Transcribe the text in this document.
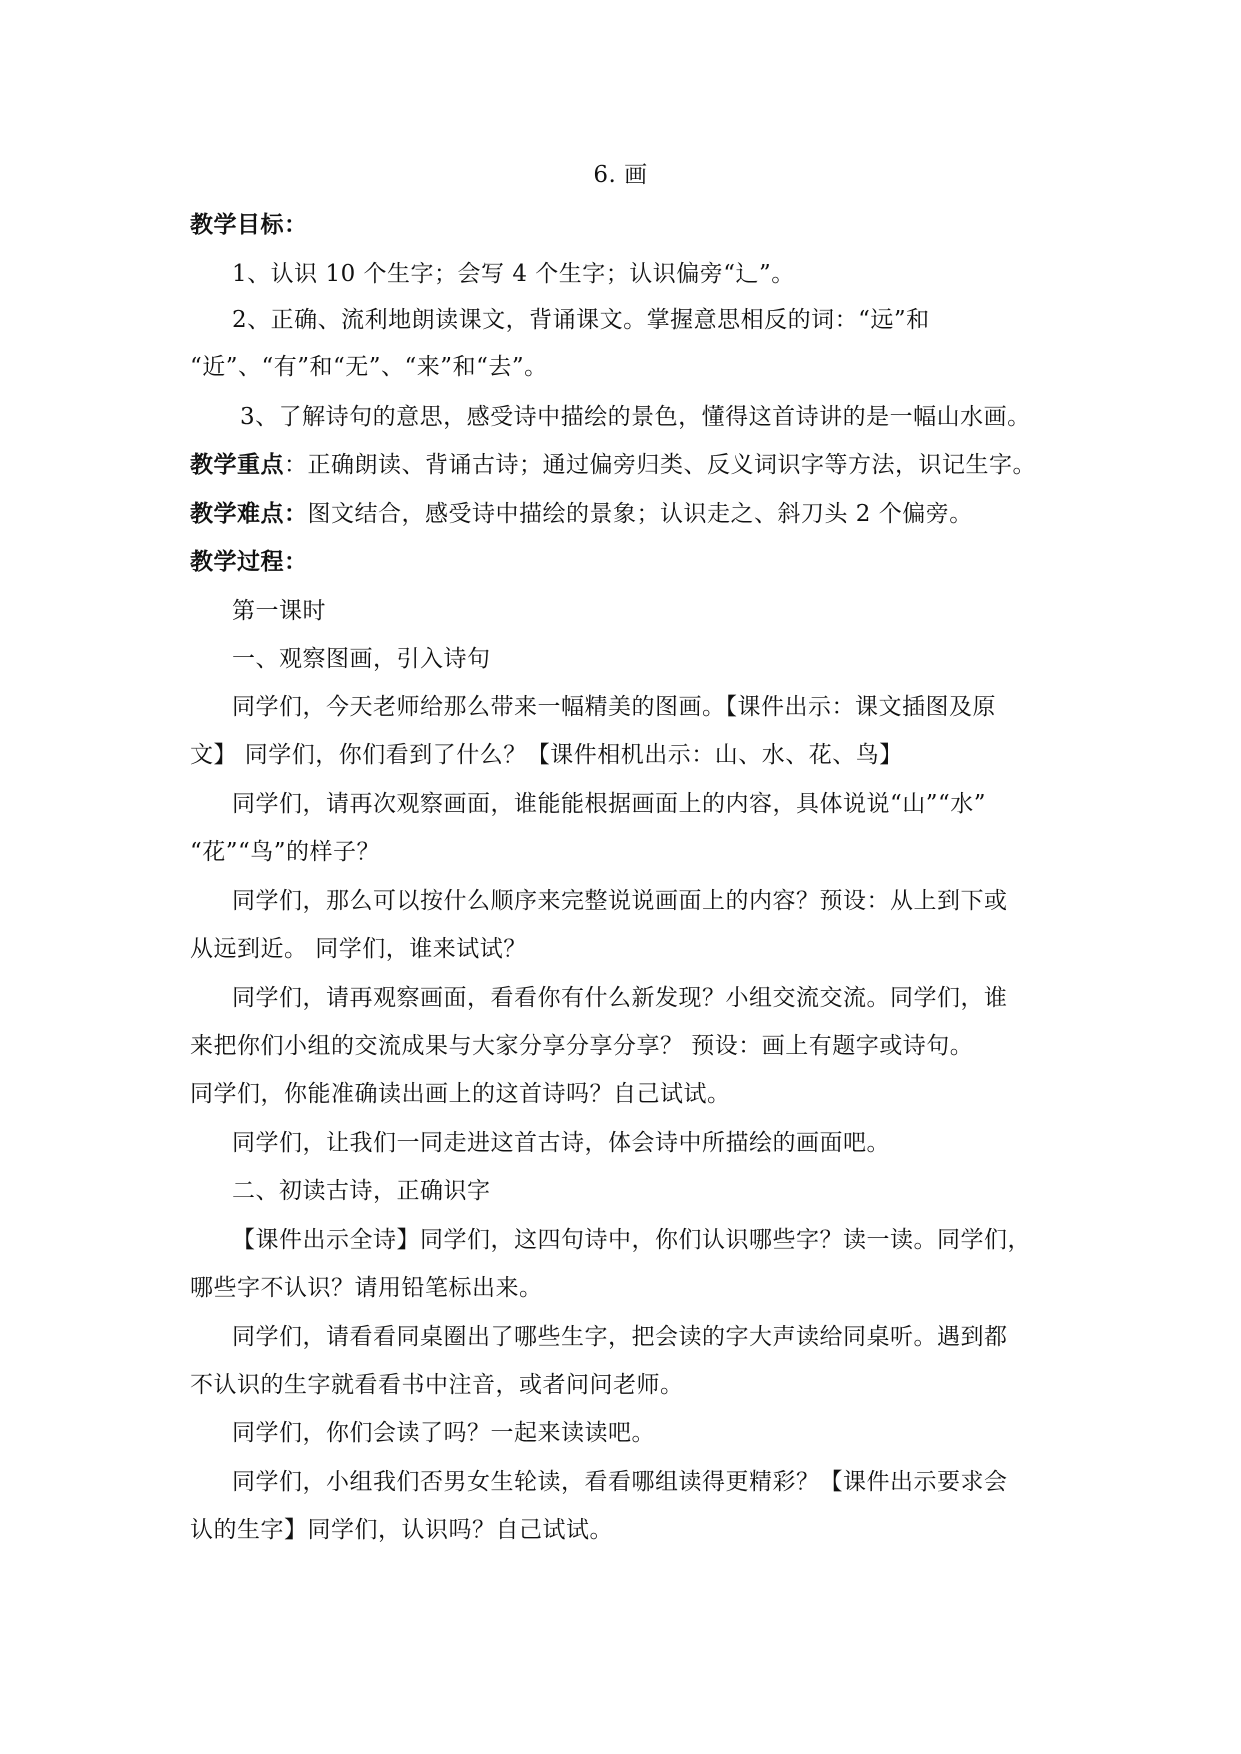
6. 画
教学目标：
1、认识 10 个生字；会写 4 个生字；认识偏旁“辶”。
2、正确、流利地朗读课文，背诵课文。掌握意思相反的词：“远”和
“近”、“有”和“无”、“来”和“去”。
3、了解诗句的意思，感受诗中描绘的景色，懂得这首诗讲的是一幅山水画。
教学重点：正确朗读、背诵古诗；通过偏旁归类、反义词识字等方法，识记生字。
教学难点：图文结合，感受诗中描绘的景象；认识走之、斜刀头 2 个偏旁。
教学过程：
第一课时
一、观察图画，引入诗句
同学们，今天老师给那么带来一幅精美的图画。【课件出示：课文插图及原
文】 同学们，你们看到了什么？【课件相机出示：山、水、花、鸟】
同学们，请再次观察画面，谁能能根据画面上的内容，具体说说“山”“水”
“花”“鸟”的样子？
同学们，那么可以按什么顺序来完整说说画面上的内容？预设：从上到下或
从远到近。 同学们，谁来试试？
同学们，请再观察画面，看看你有什么新发现？小组交流交流。同学们，谁
来把你们小组的交流成果与大家分享分享分享？ 预设：画上有题字或诗句。
同学们，你能准确读出画上的这首诗吗？自己试试。
同学们，让我们一同走进这首古诗，体会诗中所描绘的画面吧。
二、初读古诗，正确识字
【课件出示全诗】同学们，这四句诗中，你们认识哪些字？读一读。同学们，
哪些字不认识？请用铅笔标出来。
同学们，请看看同桌圈出了哪些生字，把会读的字大声读给同桌听。遇到都
不认识的生字就看看书中注音，或者问问老师。
同学们，你们会读了吗？一起来读读吧。
同学们，小组我们否男女生轮读，看看哪组读得更精彩？【课件出示要求会
认的生字】同学们，认识吗？自己试试。
